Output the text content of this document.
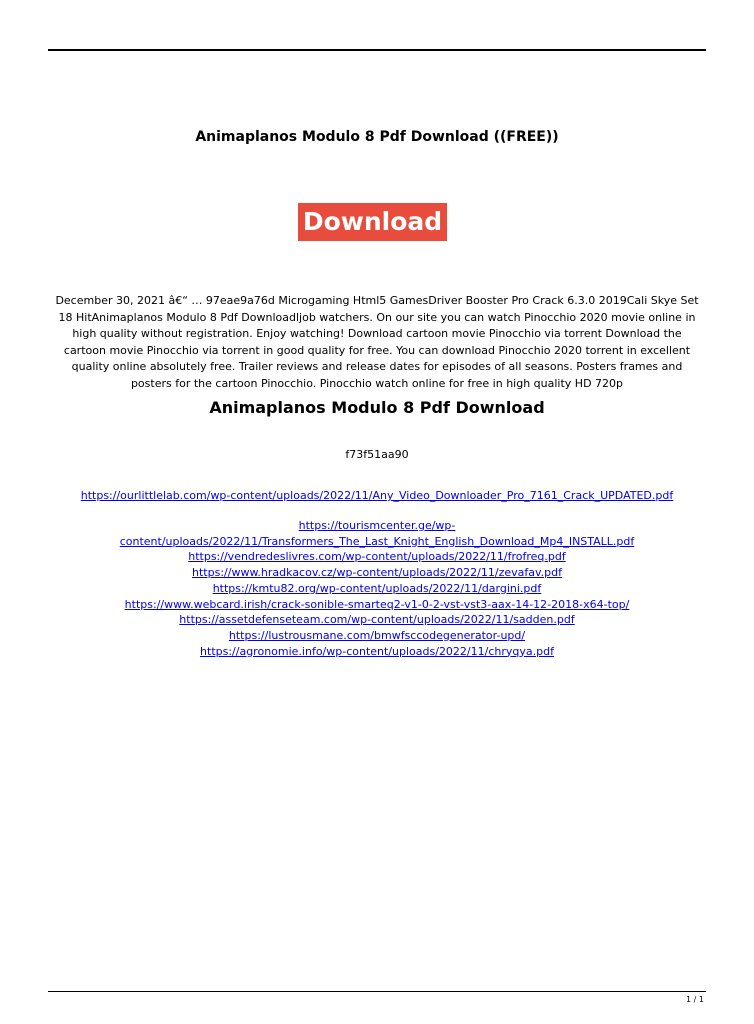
Animaplanos Modulo 8 Pdf Download ((FREE))
Download
December 30, 2021 â€“ … 97eae9a76d Microgaming Html5 GamesDriver Booster Pro Crack 6.3.0 2019Cali Skye Set 18 HitAnimaplanos Modulo 8 Pdf Downloadljob watchers. On our site you can watch Pinocchio 2020 movie online in high quality without registration. Enjoy watching! Download cartoon movie Pinocchio via torrent Download the cartoon movie Pinocchio via torrent in good quality for free. You can download Pinocchio 2020 torrent in excellent quality online absolutely free. Trailer reviews and release dates for episodes of all seasons. Posters frames and posters for the cartoon Pinocchio. Pinocchio watch online for free in high quality HD 720p
Animaplanos Modulo 8 Pdf Download
f73f51aa90
https://ourlittlelab.com/wp-content/uploads/2022/11/Any_Video_Downloader_Pro_7161_Crack_UPDATED.pdf
https://tourismcenter.ge/wp-content/uploads/2022/11/Transformers_The_Last_Knight_English_Download_Mp4_INSTALL.pdf
https://vendredeslivres.com/wp-content/uploads/2022/11/frofreq.pdf
https://www.hradkacov.cz/wp-content/uploads/2022/11/zevafav.pdf
https://kmtu82.org/wp-content/uploads/2022/11/dargini.pdf
https://www.webcard.irish/crack-sonible-smarteq2-v1-0-2-vst-vst3-aax-14-12-2018-x64-top/
https://assetdefenseteam.com/wp-content/uploads/2022/11/sadden.pdf
https://lustrousmane.com/bmwfsccodegenerator-upd/
https://agronomie.info/wp-content/uploads/2022/11/chryqya.pdf
1 / 1
